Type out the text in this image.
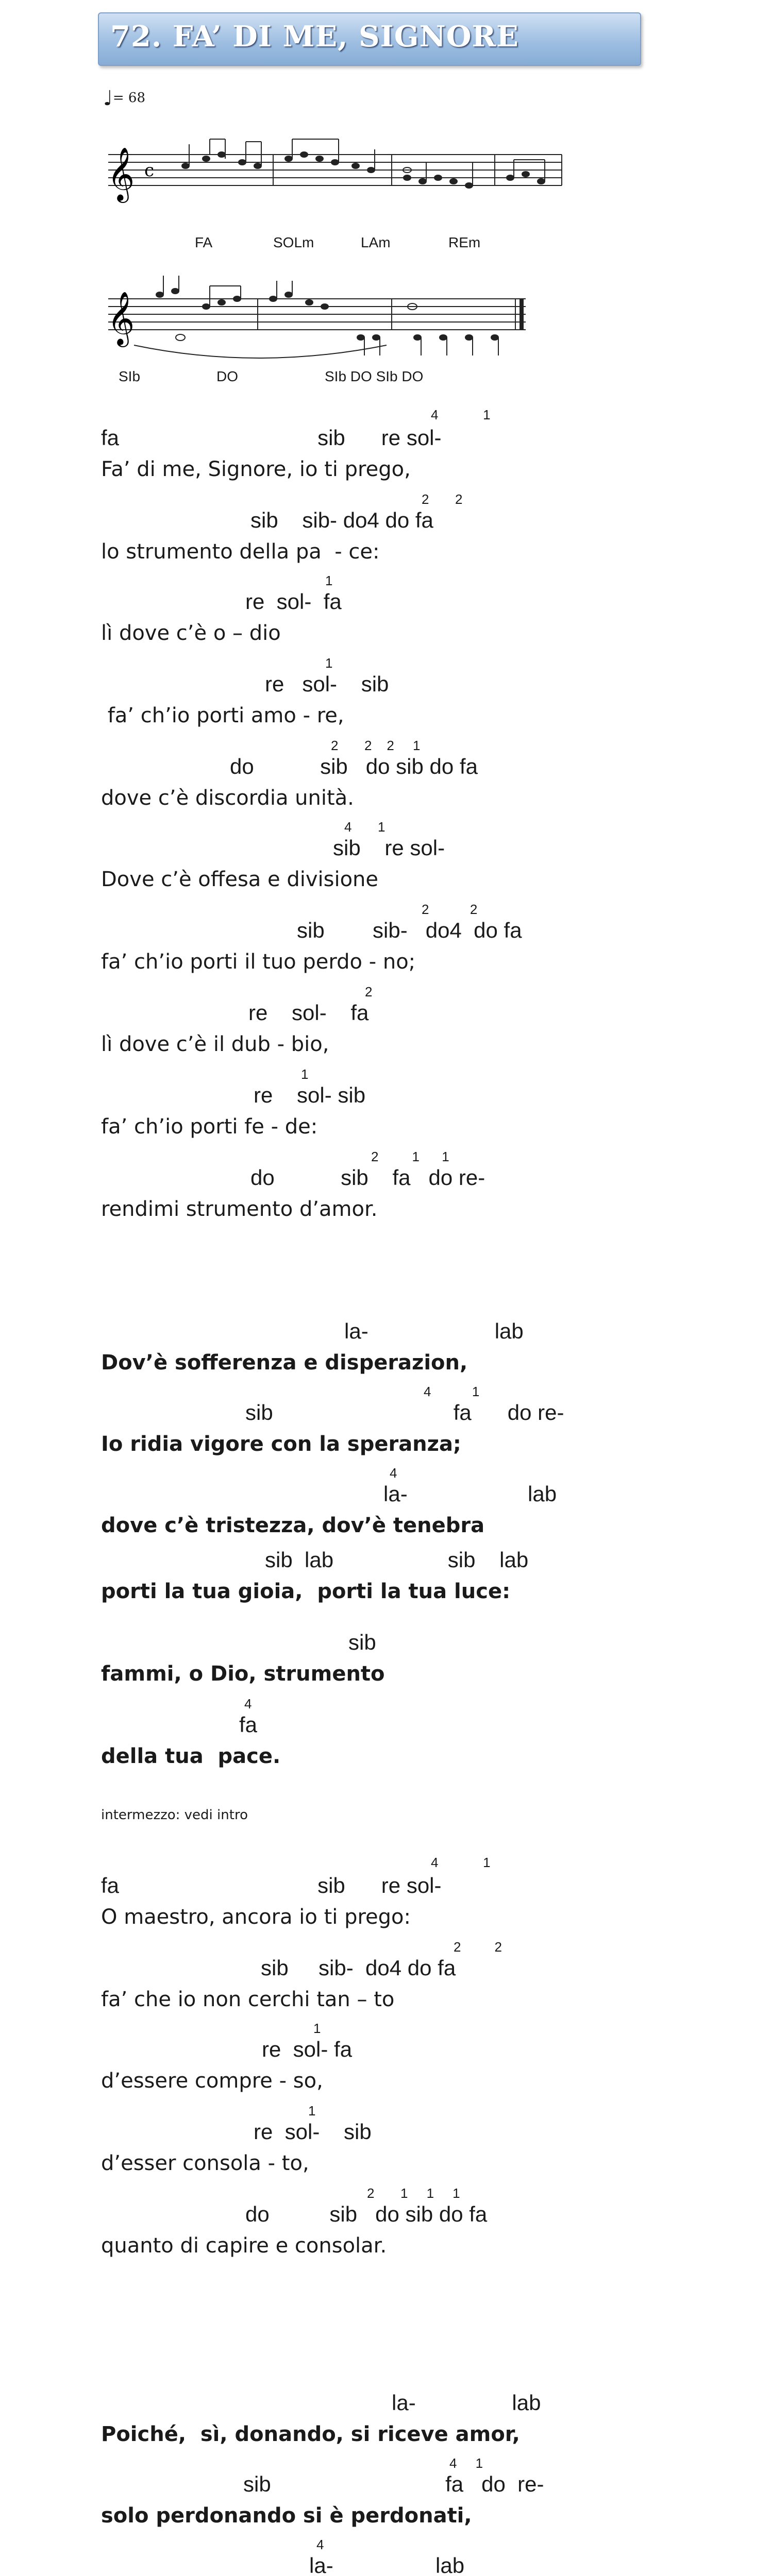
72. FA’ DI ME, SIGNORE
♩= 68
𝄞 c
FA	SOLm	LAm	REm
𝄞
SIb	DO	SIb DO SIb DO
4            1
fa                                 sib      re sol-
Fa’ di me, Signore, io ti prego,
2       2
sib    sib- do4 do fa
lo strumento della pa  - ce:
1
re  sol-  fa
lì dove c’è o – dio
1
re   sol-    sib
fa’ ch’io porti amo - re,
2       2    2     1
do           sib   do sib do fa
dove c’è discordia unità.
4       1
sib    re sol-
Dove c’è offesa e divisione
2           2
sib        sib-   do4  do fa
fa’ ch’io porti il tuo perdo - no;
2
re    sol-    fa
lì dove c’è il dub - bio,
1
re    sol- sib
fa’ ch’io porti fe - de:
2         1      1
do           sib    fa   do re-
rendimi strumento d’amor.
la-                     lab
Dov’è sofferenza e disperazion,
4           1
sib                              fa      do re-
Io ridia vigore con la speranza;
4
la-                    lab
dove c’è tristezza, dov’è tenebra
sib  lab                   sib    lab
porti la tua gioia,  porti la tua luce:
sib
fammi, o Dio, strumento
4
fa
della tua  pace.
intermezzo: vedi intro
4            1
fa                                 sib      re sol-
O maestro, ancora io ti prego:
2         2
sib     sib-  do4 do fa
fa’ che io non cerchi tan – to
1
re  sol- fa
d’essere compre - so,
1
re  sol-    sib
d’esser consola - to,
2       1     1     1
do          sib   do sib do fa
quanto di capire e consolar.
la-                lab
Poiché,  sì, donando, si riceve amor,
4     1
sib                             fa   do  re-
solo perdonando si è perdonati,
4
la-                 lab
